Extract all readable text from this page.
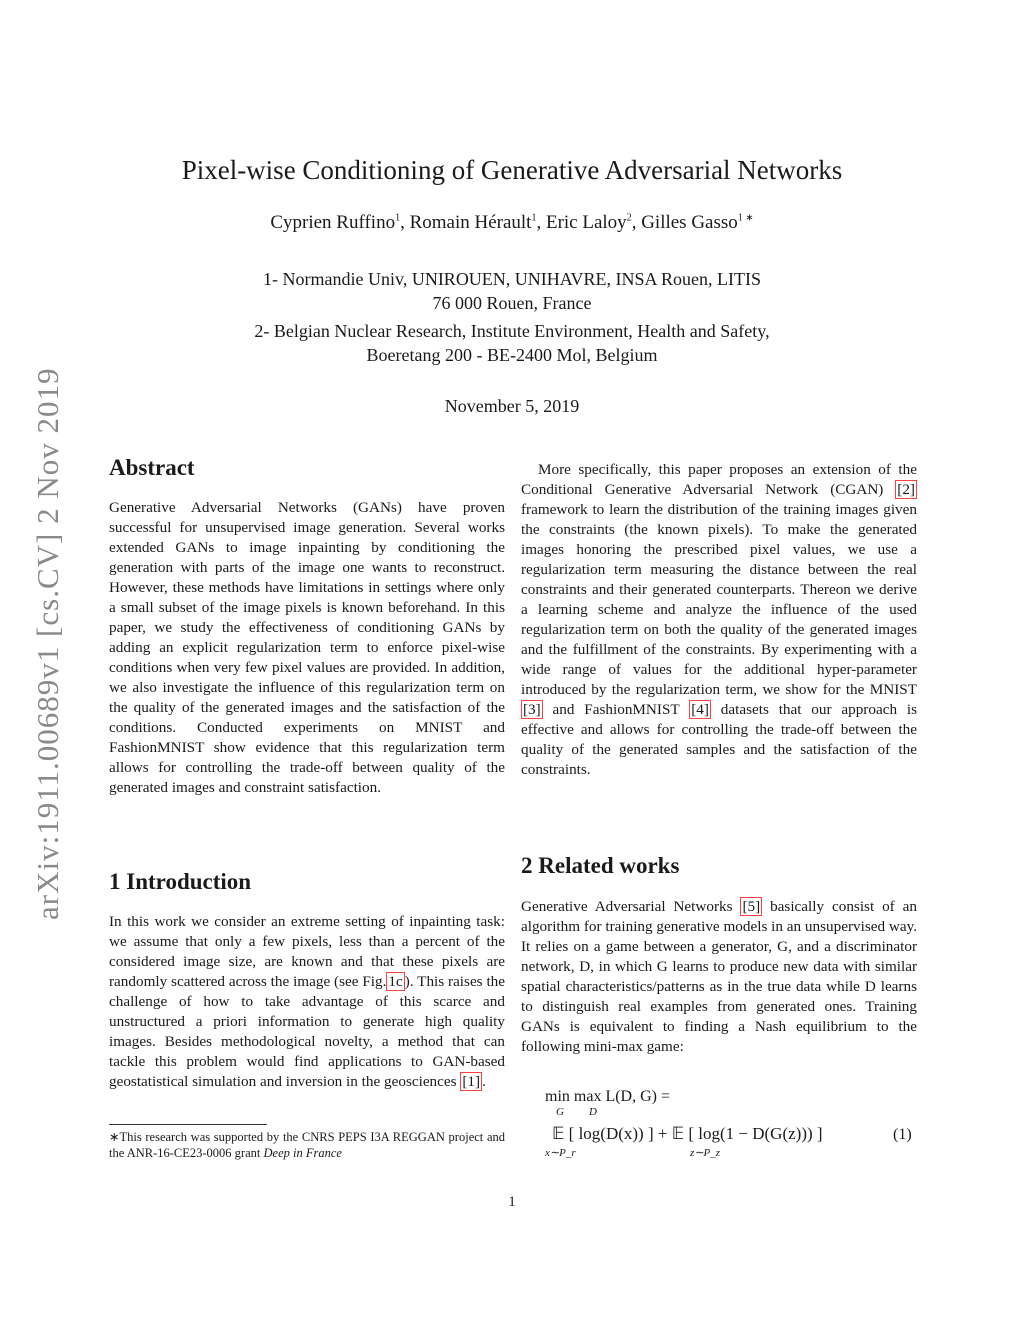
arXiv:1911.00689v1 [cs.CV] 2 Nov 2019
Pixel-wise Conditioning of Generative Adversarial Networks
Cyprien Ruffino$^1$, Romain Hérault$^1$, Eric Laloy$^2$, Gilles Gasso$^{1 ∗}$
1- Normandie Univ, UNIROUEN, UNIHAVRE, INSA Rouen, LITIS
76 000 Rouen, France
2- Belgian Nuclear Research, Institute Environment, Health and Safety,
Boeretang 200 - BE-2400 Mol, Belgium
November 5, 2019
Abstract
Generative Adversarial Networks (GANs) have proven successful for unsupervised image generation. Several works extended GANs to image inpainting by conditioning the generation with parts of the image one wants to reconstruct. However, these methods have limitations in settings where only a small subset of the image pixels is known beforehand. In this paper, we study the effectiveness of conditioning GANs by adding an explicit regularization term to enforce pixel-wise conditions when very few pixel values are provided. In addition, we also investigate the influence of this regularization term on the quality of the generated images and the satisfaction of the conditions. Conducted experiments on MNIST and FashionMNIST show evidence that this regularization term allows for controlling the trade-off between quality of the generated images and constraint satisfaction.
1 Introduction
In this work we consider an extreme setting of inpainting task: we assume that only a few pixels, less than a percent of the considered image size, are known and that these pixels are randomly scattered across the image (see Fig. 1c ). This raises the challenge of how to take advantage of this scarce and unstructured a priori information to generate high quality images. Besides methodological novelty, a method that can tackle this problem would find applications to GAN-based geostatistical simulation and inversion in the geosciences [1] .
∗This research was supported by the CNRS PEPS I3A REGGAN project and the ANR-16-CE23-0006 grant Deep in France
More specifically, this paper proposes an extension of the Conditional Generative Adversarial Network (CGAN) [2] framework to learn the distribution of the training images given the constraints (the known pixels). To make the generated images honoring the prescribed pixel values, we use a regularization term measuring the distance between the real constraints and their generated counterparts. Thereon we derive a learning scheme and analyze the influence of the used regularization term on both the quality of the generated images and the fulfillment of the constraints. By experimenting with a wide range of values for the additional hyper-parameter introduced by the regularization term, we show for the MNIST [3] and FashionMNIST [4] datasets that our approach is effective and allows for controlling the trade-off between the quality of the generated samples and the satisfaction of the constraints.
2 Related works
Generative Adversarial Networks [5] basically consist of an algorithm for training generative models in an unsupervised way. It relies on a game between a generator, G, and a discriminator network, D, in which G learns to produce new data with similar spatial characteristics/patterns as in the true data while D learns to distinguish real examples from generated ones. Training GANs is equivalent to finding a Nash equilibrium to the following mini-max game:
min max L(D, G) =
G D
𝔼 [ log(D(x)) ] + 𝔼 [ log(1 − D(G(z))) ]
x∼P_r	z∼P_z
(1)
1
